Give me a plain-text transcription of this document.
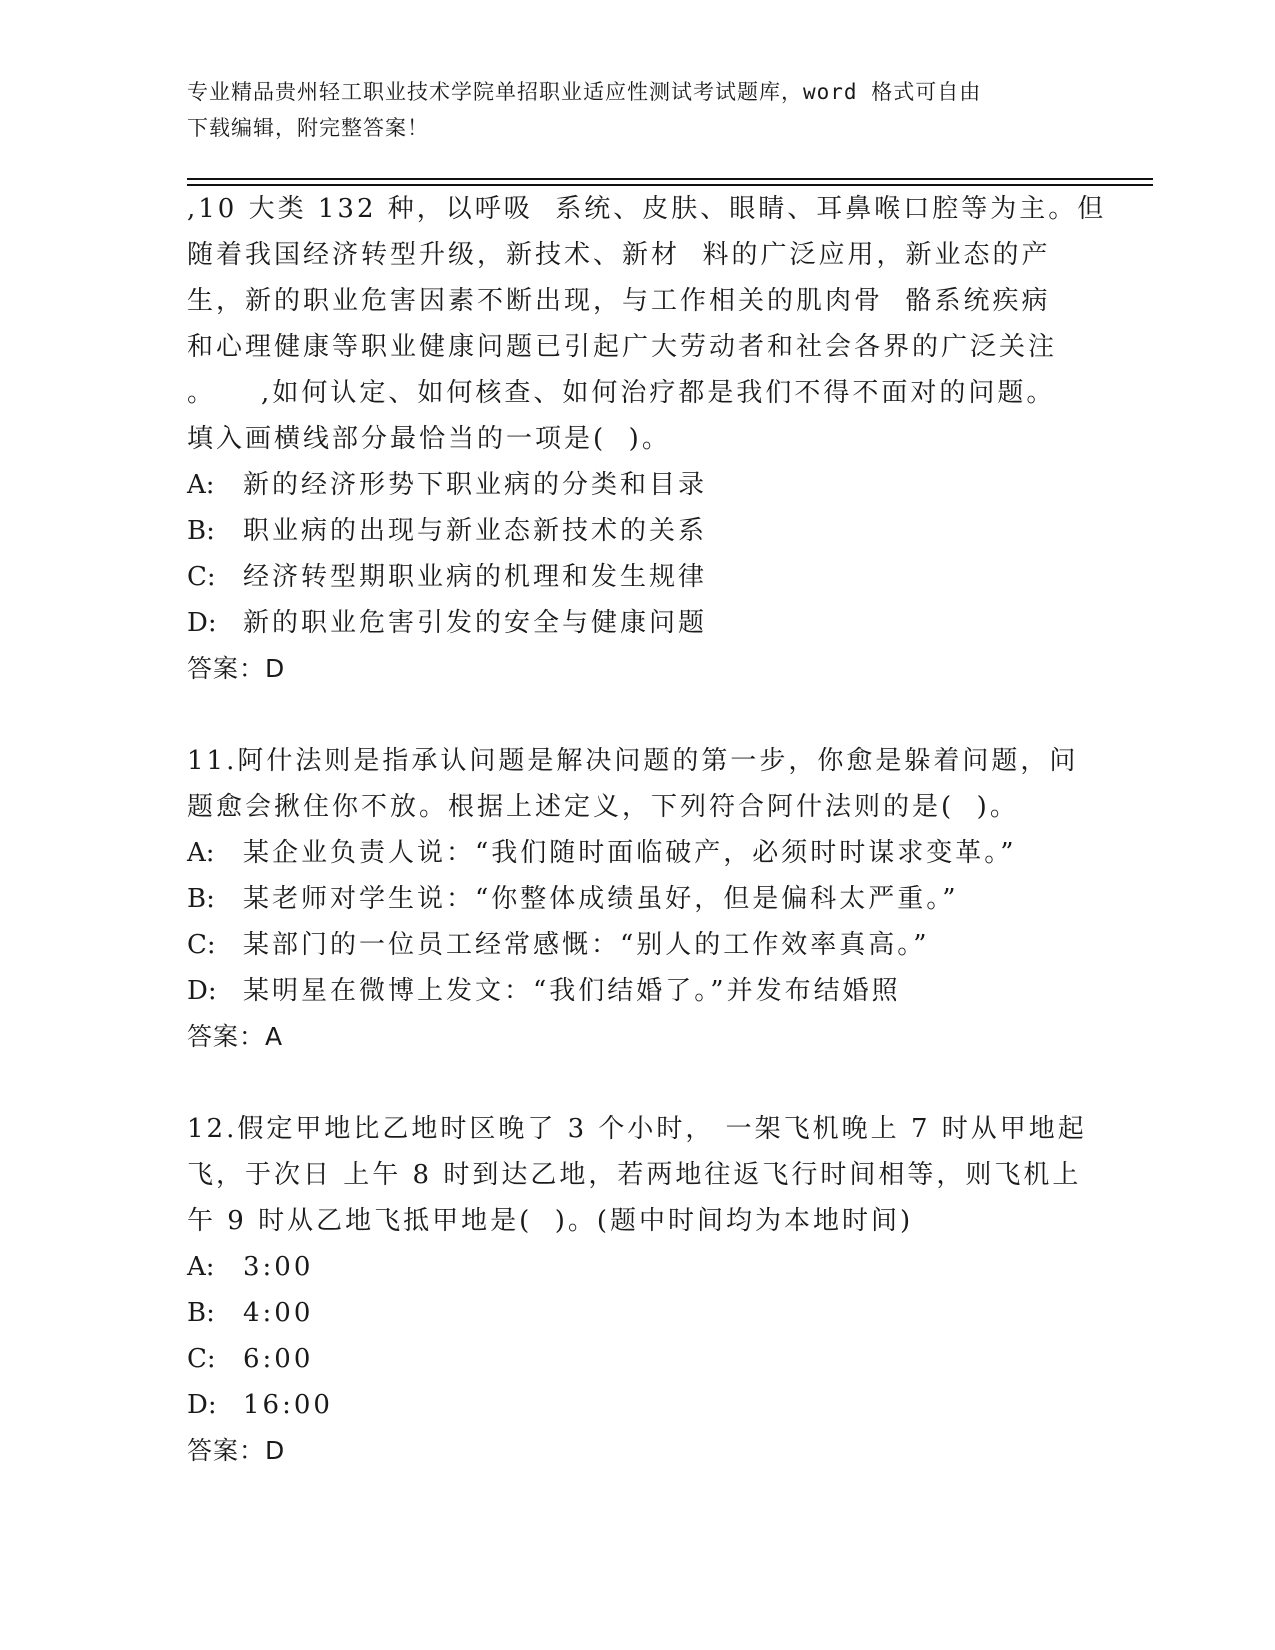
专业精品贵州轻工职业技术学院单招职业适应性测试考试题库，word 格式可自由
下载编辑，附完整答案！
,10 大类 132 种，以呼吸  系统、皮肤、眼睛、耳鼻喉口腔等为主。但
随着我国经济转型升级，新技术、新材  料的广泛应用，新业态的产
生，新的职业危害因素不断出现，与工作相关的肌肉骨  骼系统疾病
和心理健康等职业健康问题已引起广大劳动者和社会各界的广泛关注
。    ,如何认定、如何核查、如何治疗都是我们不得不面对的问题。
填入画横线部分最恰当的一项是(  )。
A: 新的经济形势下职业病的分类和目录
B: 职业病的出现与新业态新技术的关系
C: 经济转型期职业病的机理和发生规律
D: 新的职业危害引发的安全与健康问题
答案：D
11.阿什法则是指承认问题是解决问题的第一步，你愈是躲着问题，问
题愈会揪住你不放。根据上述定义，下列符合阿什法则的是(  )。
A: 某企业负责人说：“我们随时面临破产，必须时时谋求变革。”
B: 某老师对学生说：“你整体成绩虽好，但是偏科太严重。”
C: 某部门的一位员工经常感慨：“别人的工作效率真高。”
D: 某明星在微博上发文：“我们结婚了。”并发布结婚照
答案：A
12.假定甲地比乙地时区晚了 3 个小时， 一架飞机晚上 7 时从甲地起
飞，于次日 上午 8 时到达乙地，若两地往返飞行时间相等，则飞机上
午 9 时从乙地飞抵甲地是(  )。(题中时间均为本地时间)
A: 3:00
B: 4:00
C: 6:00
D: 16:00
答案：D
